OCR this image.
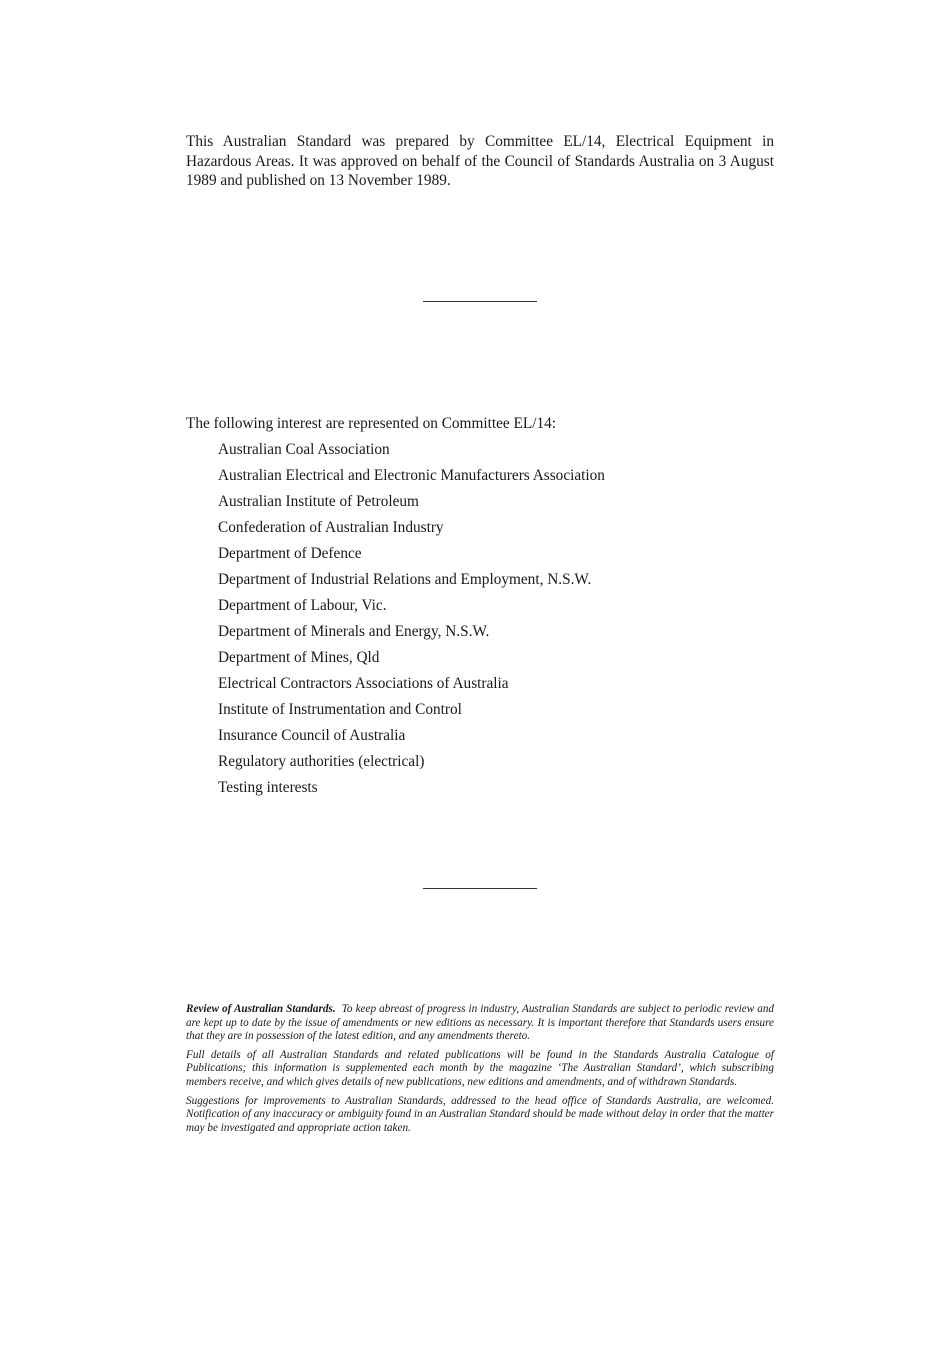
This Australian Standard was prepared by Committee EL/14, Electrical Equipment in Hazardous Areas. It was approved on behalf of the Council of Standards Australia on 3 August 1989 and published on 13 November 1989.
The following interest are represented on Committee EL/14:
Australian Coal Association
Australian Electrical and Electronic Manufacturers Association
Australian Institute of Petroleum
Confederation of Australian Industry
Department of Defence
Department of Industrial Relations and Employment, N.S.W.
Department of Labour, Vic.
Department of Minerals and Energy, N.S.W.
Department of Mines, Qld
Electrical Contractors Associations of Australia
Institute of Instrumentation and Control
Insurance Council of Australia
Regulatory authorities (electrical)
Testing interests

Review of Australian Standards. To keep abreast of progress in industry, Australian Standards are subject to periodic review and are kept up to date by the issue of amendments or new editions as necessary. It is important therefore that Standards users ensure that they are in possession of the latest edition, and any amendments thereto.

Full details of all Australian Standards and related publications will be found in the Standards Australia Catalogue of Publications; this information is supplemented each month by the magazine ‘The Australian Standard’, which subscribing members receive, and which gives details of new publications, new editions and amendments, and of withdrawn Standards.

Suggestions for improvements to Australian Standards, addressed to the head office of Standards Australia, are welcomed. Notification of any inaccuracy or ambiguity found in an Australian Standard should be made without delay in order that the matter may be investigated and appropriate action taken.
